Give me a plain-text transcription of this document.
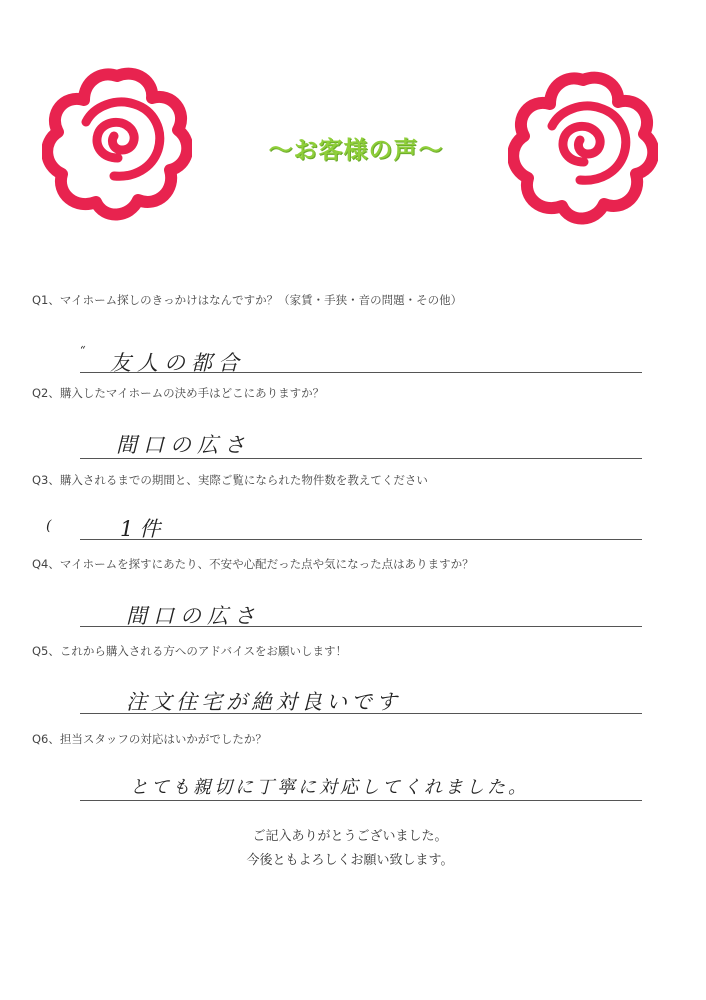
〜お客様の声〜
Q1、マイホーム探しのきっかけはなんですか？（家賃・手狭・音の問題・その他）
“
友人の都合
Q2、購入したマイホームの決め手はどこにありますか？
間口の広さ
Q3、購入されるまでの期間と、実際ご覧になられた物件数を教えてください
(	1件
Q4、マイホームを探すにあたり、不安や心配だった点や気になった点はありますか？
間口の広さ
Q5、これから購入される方へのアドバイスをお願いします！
注文住宅が絶対良いです
Q6、担当スタッフの対応はいかがでしたか？
とても親切に丁寧に対応してくれました。
ご記入ありがとうございました。
今後ともよろしくお願い致します。
